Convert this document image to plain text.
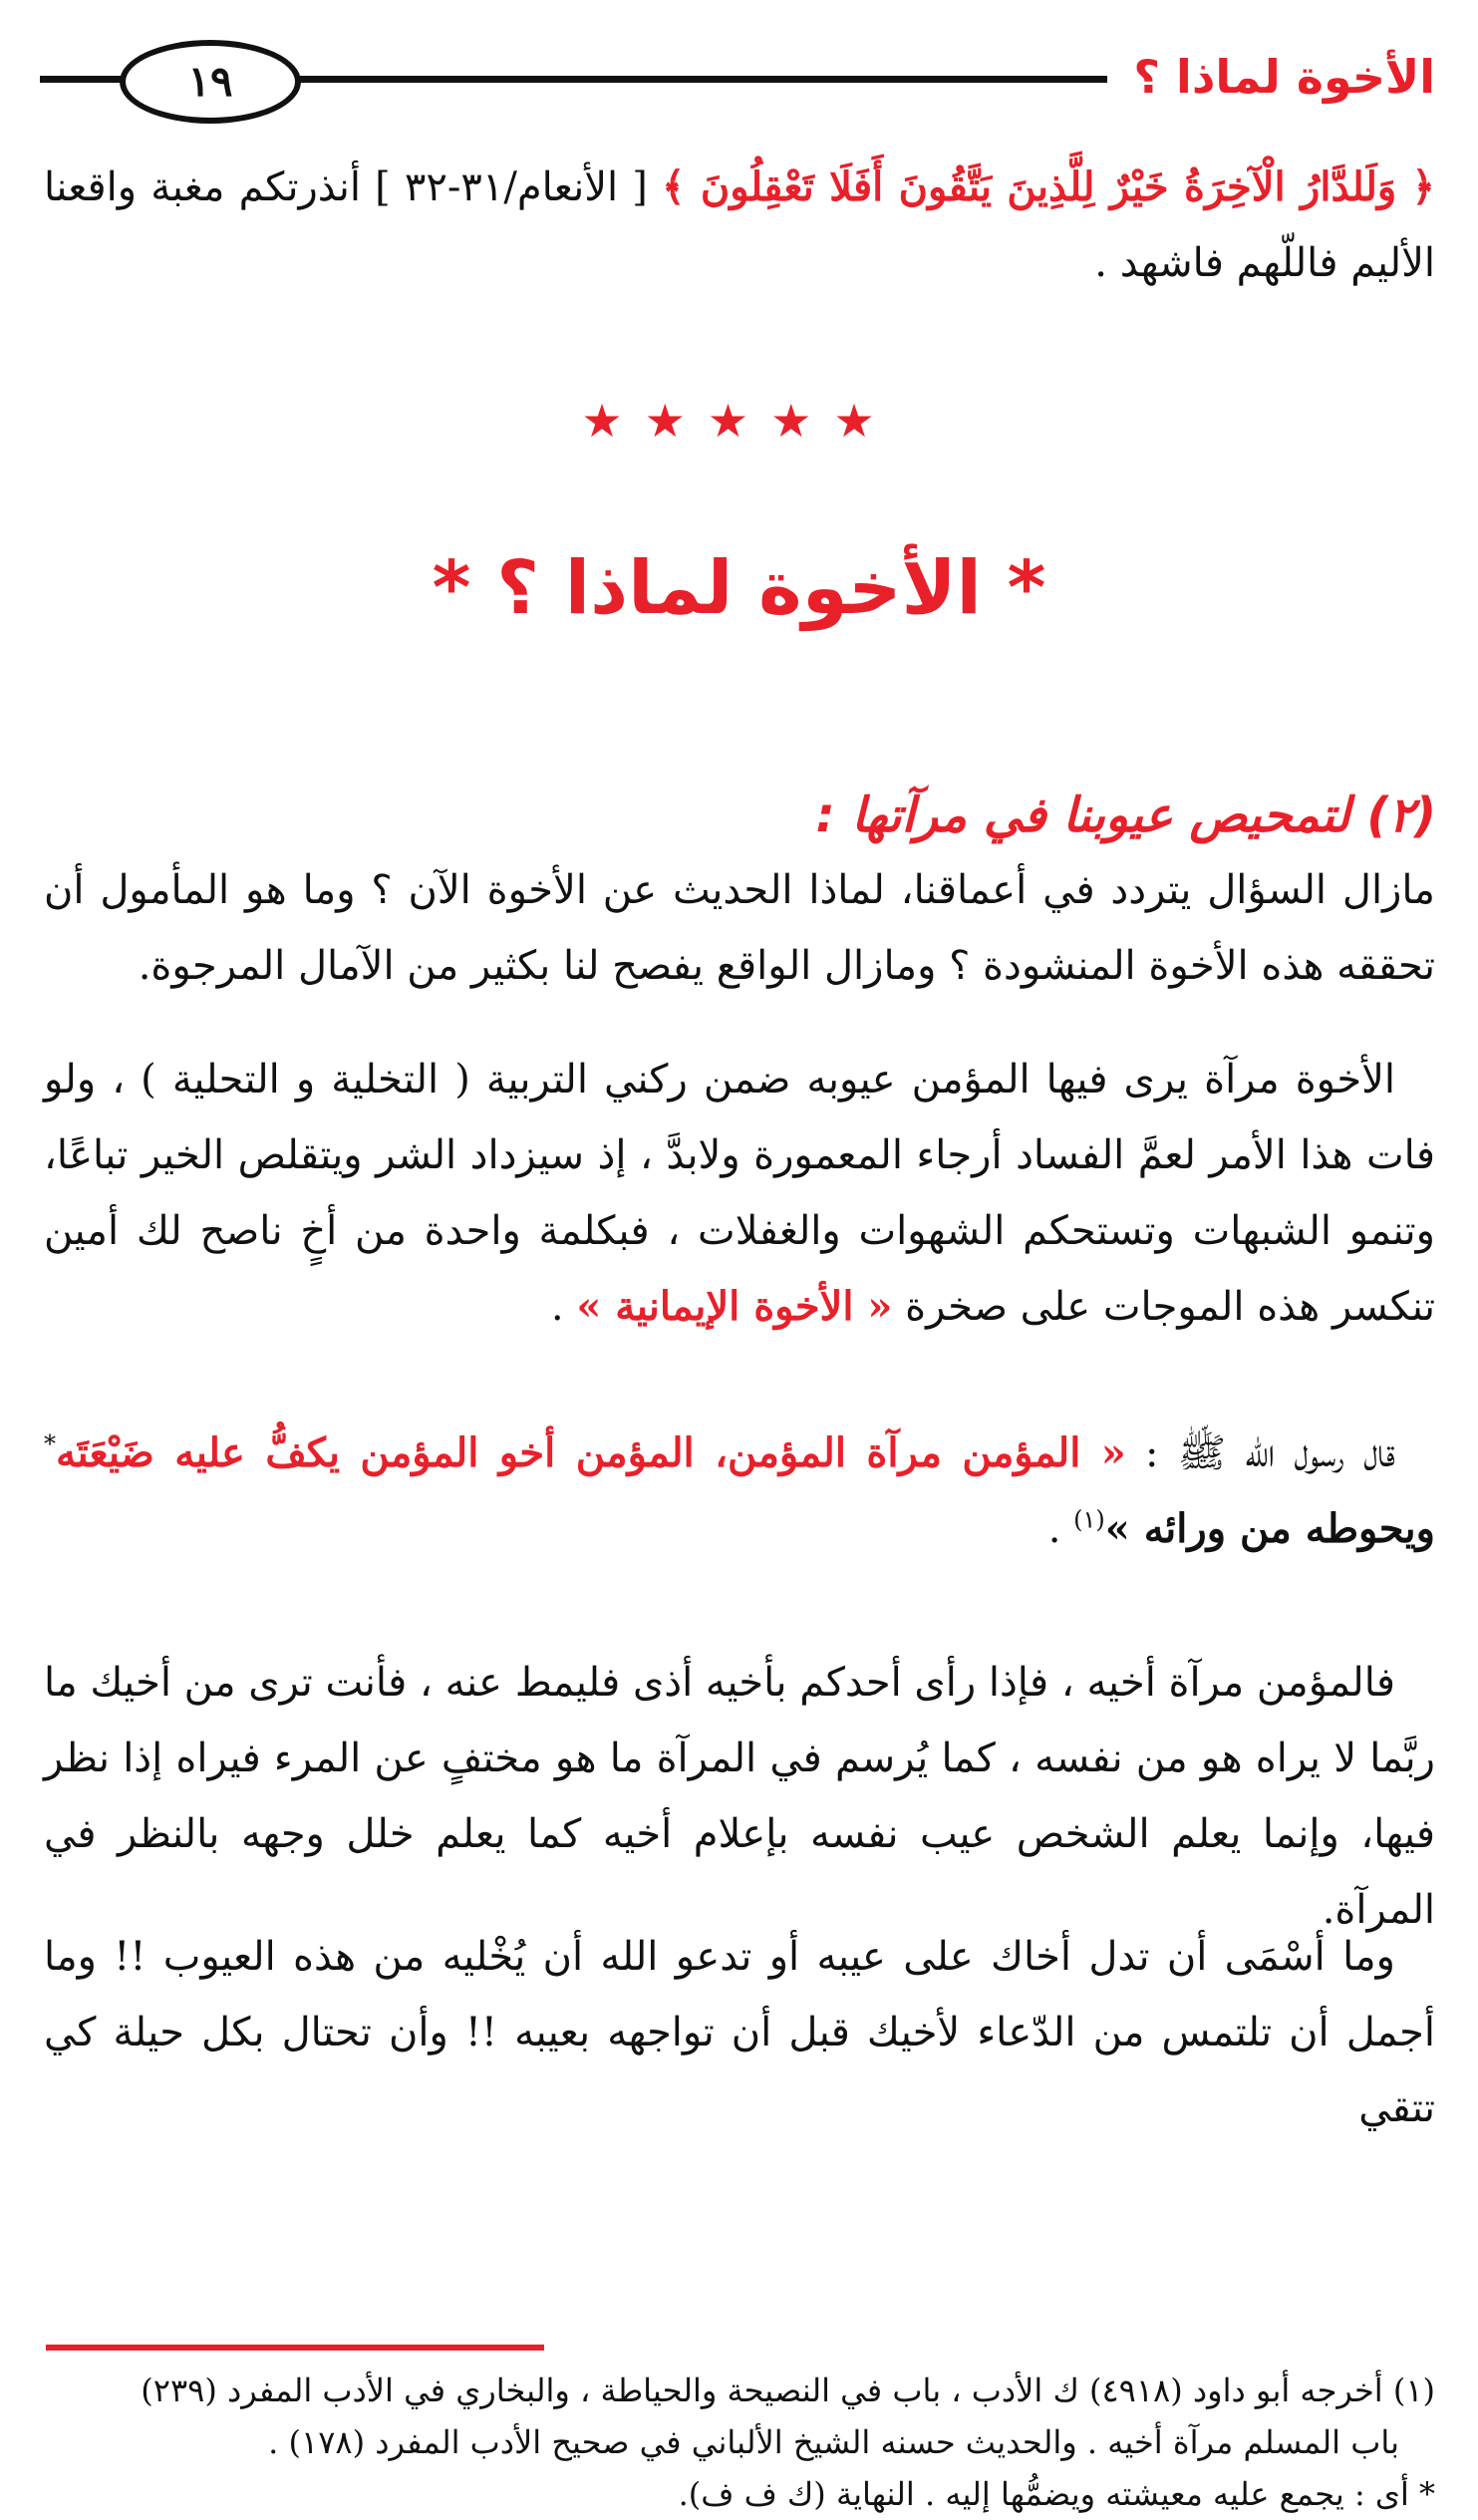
١٩	الأخوة لماذا ؟
﴿ وَلَلدَّارُ الْآخِرَةُ خَيْرٌ لِلَّذِينَ يَتَّقُونَ أَفَلَا تَعْقِلُونَ ﴾ [ الأنعام/٣١-٣٢ ] أنذرتكم مغبة واقعنا الأليم فاللّهم فاشهد .
★★★★★
* الأخوة لماذا ؟ *
(٢) لتمحيص عيوبنا في مرآتها :
مازال السؤال يتردد في أعماقنا، لماذا الحديث عن الأخوة الآن ؟ وما هو المأمول أن تحققه هذه الأخوة المنشودة ؟ ومازال الواقع يفصح لنا بكثير من الآمال المرجوة.
الأخوة مرآة يرى فيها المؤمن عيوبه ضمن ركني التربية ( التخلية و التحلية ) ، ولو فات هذا الأمر لعمَّ الفساد أرجاء المعمورة ولابدَّ ، إذ سيزداد الشر ويتقلص الخير تباعًا، وتنمو الشبهات وتستحكم الشهوات والغفلات ، فبكلمة واحدة من أخٍ ناصح لك أمين تنكسر هذه الموجات على صخرة « الأخوة الإيمانية » .
قال رسول الله ﷺ : « المؤمن مرآة المؤمن، المؤمن أخو المؤمن يكفُّ عليه ضَيْعَتَه* ويحوطه من ورائه »$^{(١)}$ .
فالمؤمن مرآة أخيه ، فإذا رأى أحدكم بأخيه أذى فليمط عنه ، فأنت ترى من أخيك ما ربَّما لا يراه هو من نفسه ، كما يُرسم في المرآة ما هو مختفٍ عن المرء فيراه إذا نظر فيها، وإنما يعلم الشخص عيب نفسه بإعلام أخيه كما يعلم خلل وجهه بالنظر في المرآة.
وما أسْمَى أن تدل أخاك على عيبه أو تدعو الله أن يُخْليه من هذه العيوب !! وما أجمل أن تلتمس من الدّعاء لأخيك قبل أن تواجهه بعيبه !! وأن تحتال بكل حيلة كي تتقي
(١) أخرجه أبو داود (٤٩١٨) ك الأدب ، باب في النصيحة والحياطة ، والبخاري في الأدب المفرد (٢٣٩)
باب المسلم مرآة أخيه . والحديث حسنه الشيخ الألباني في صحيح الأدب المفرد (١٧٨) .
* أى : يجمع عليه معيشته ويضمُّها إليه . النهاية (ك ف ف).
